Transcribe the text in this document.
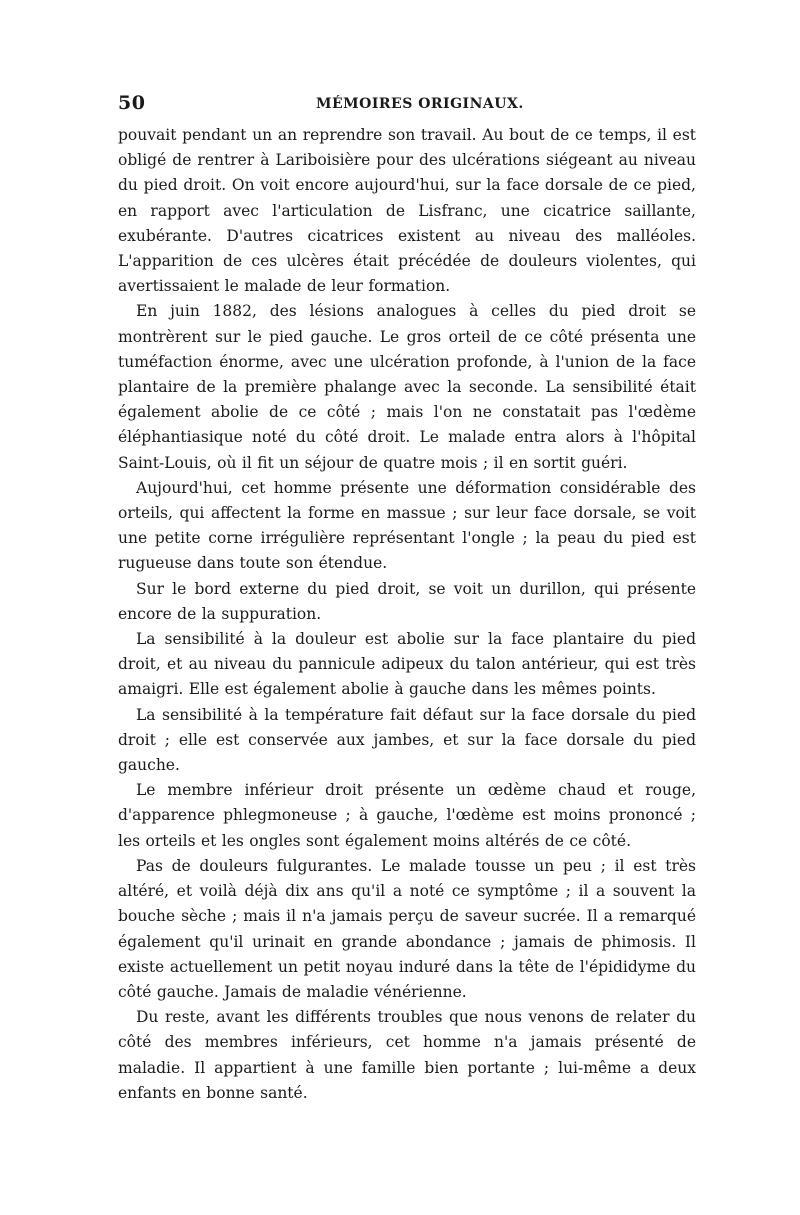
50	MÉMOIRES ORIGINAUX.

pouvait pendant un an reprendre son travail. Au bout de ce temps, il est obligé de rentrer à Lariboisière pour des ulcérations siégeant au niveau du pied droit. On voit encore aujourd'hui, sur la face dorsale de ce pied, en rapport avec l'articulation de Lisfranc, une cicatrice saillante, exubérante. D'autres cicatrices existent au niveau des malléoles. L'apparition de ces ulcères était précédée de douleurs violentes, qui avertissaient le malade de leur formation.

En juin 1882, des lésions analogues à celles du pied droit se montrèrent sur le pied gauche. Le gros orteil de ce côté présenta une tuméfaction énorme, avec une ulcération profonde, à l'union de la face plantaire de la première phalange avec la seconde. La sensibilité était également abolie de ce côté ; mais l'on ne constatait pas l'œdème éléphantiasique noté du côté droit. Le malade entra alors à l'hôpital Saint-Louis, où il fit un séjour de quatre mois ; il en sortit guéri.

Aujourd'hui, cet homme présente une déformation considérable des orteils, qui affectent la forme en massue ; sur leur face dorsale, se voit une petite corne irrégulière représentant l'ongle ; la peau du pied est rugueuse dans toute son étendue.

Sur le bord externe du pied droit, se voit un durillon, qui présente encore de la suppuration.

La sensibilité à la douleur est abolie sur la face plantaire du pied droit, et au niveau du pannicule adipeux du talon antérieur, qui est très amaigri. Elle est également abolie à gauche dans les mêmes points.

La sensibilité à la température fait défaut sur la face dorsale du pied droit ; elle est conservée aux jambes, et sur la face dorsale du pied gauche.

Le membre inférieur droit présente un œdème chaud et rouge, d'apparence phlegmoneuse ; à gauche, l'œdème est moins prononcé ; les orteils et les ongles sont également moins altérés de ce côté.

Pas de douleurs fulgurantes. Le malade tousse un peu ; il est très altéré, et voilà déjà dix ans qu'il a noté ce symptôme ; il a souvent la bouche sèche ; mais il n'a jamais perçu de saveur sucrée. Il a remarqué également qu'il urinait en grande abondance ; jamais de phimosis. Il existe actuellement un petit noyau induré dans la tête de l'épididyme du côté gauche. Jamais de maladie vénérienne.

Du reste, avant les différents troubles que nous venons de relater du côté des membres inférieurs, cet homme n'a jamais présenté de maladie. Il appartient à une famille bien portante ; lui-même a deux enfants en bonne santé.
